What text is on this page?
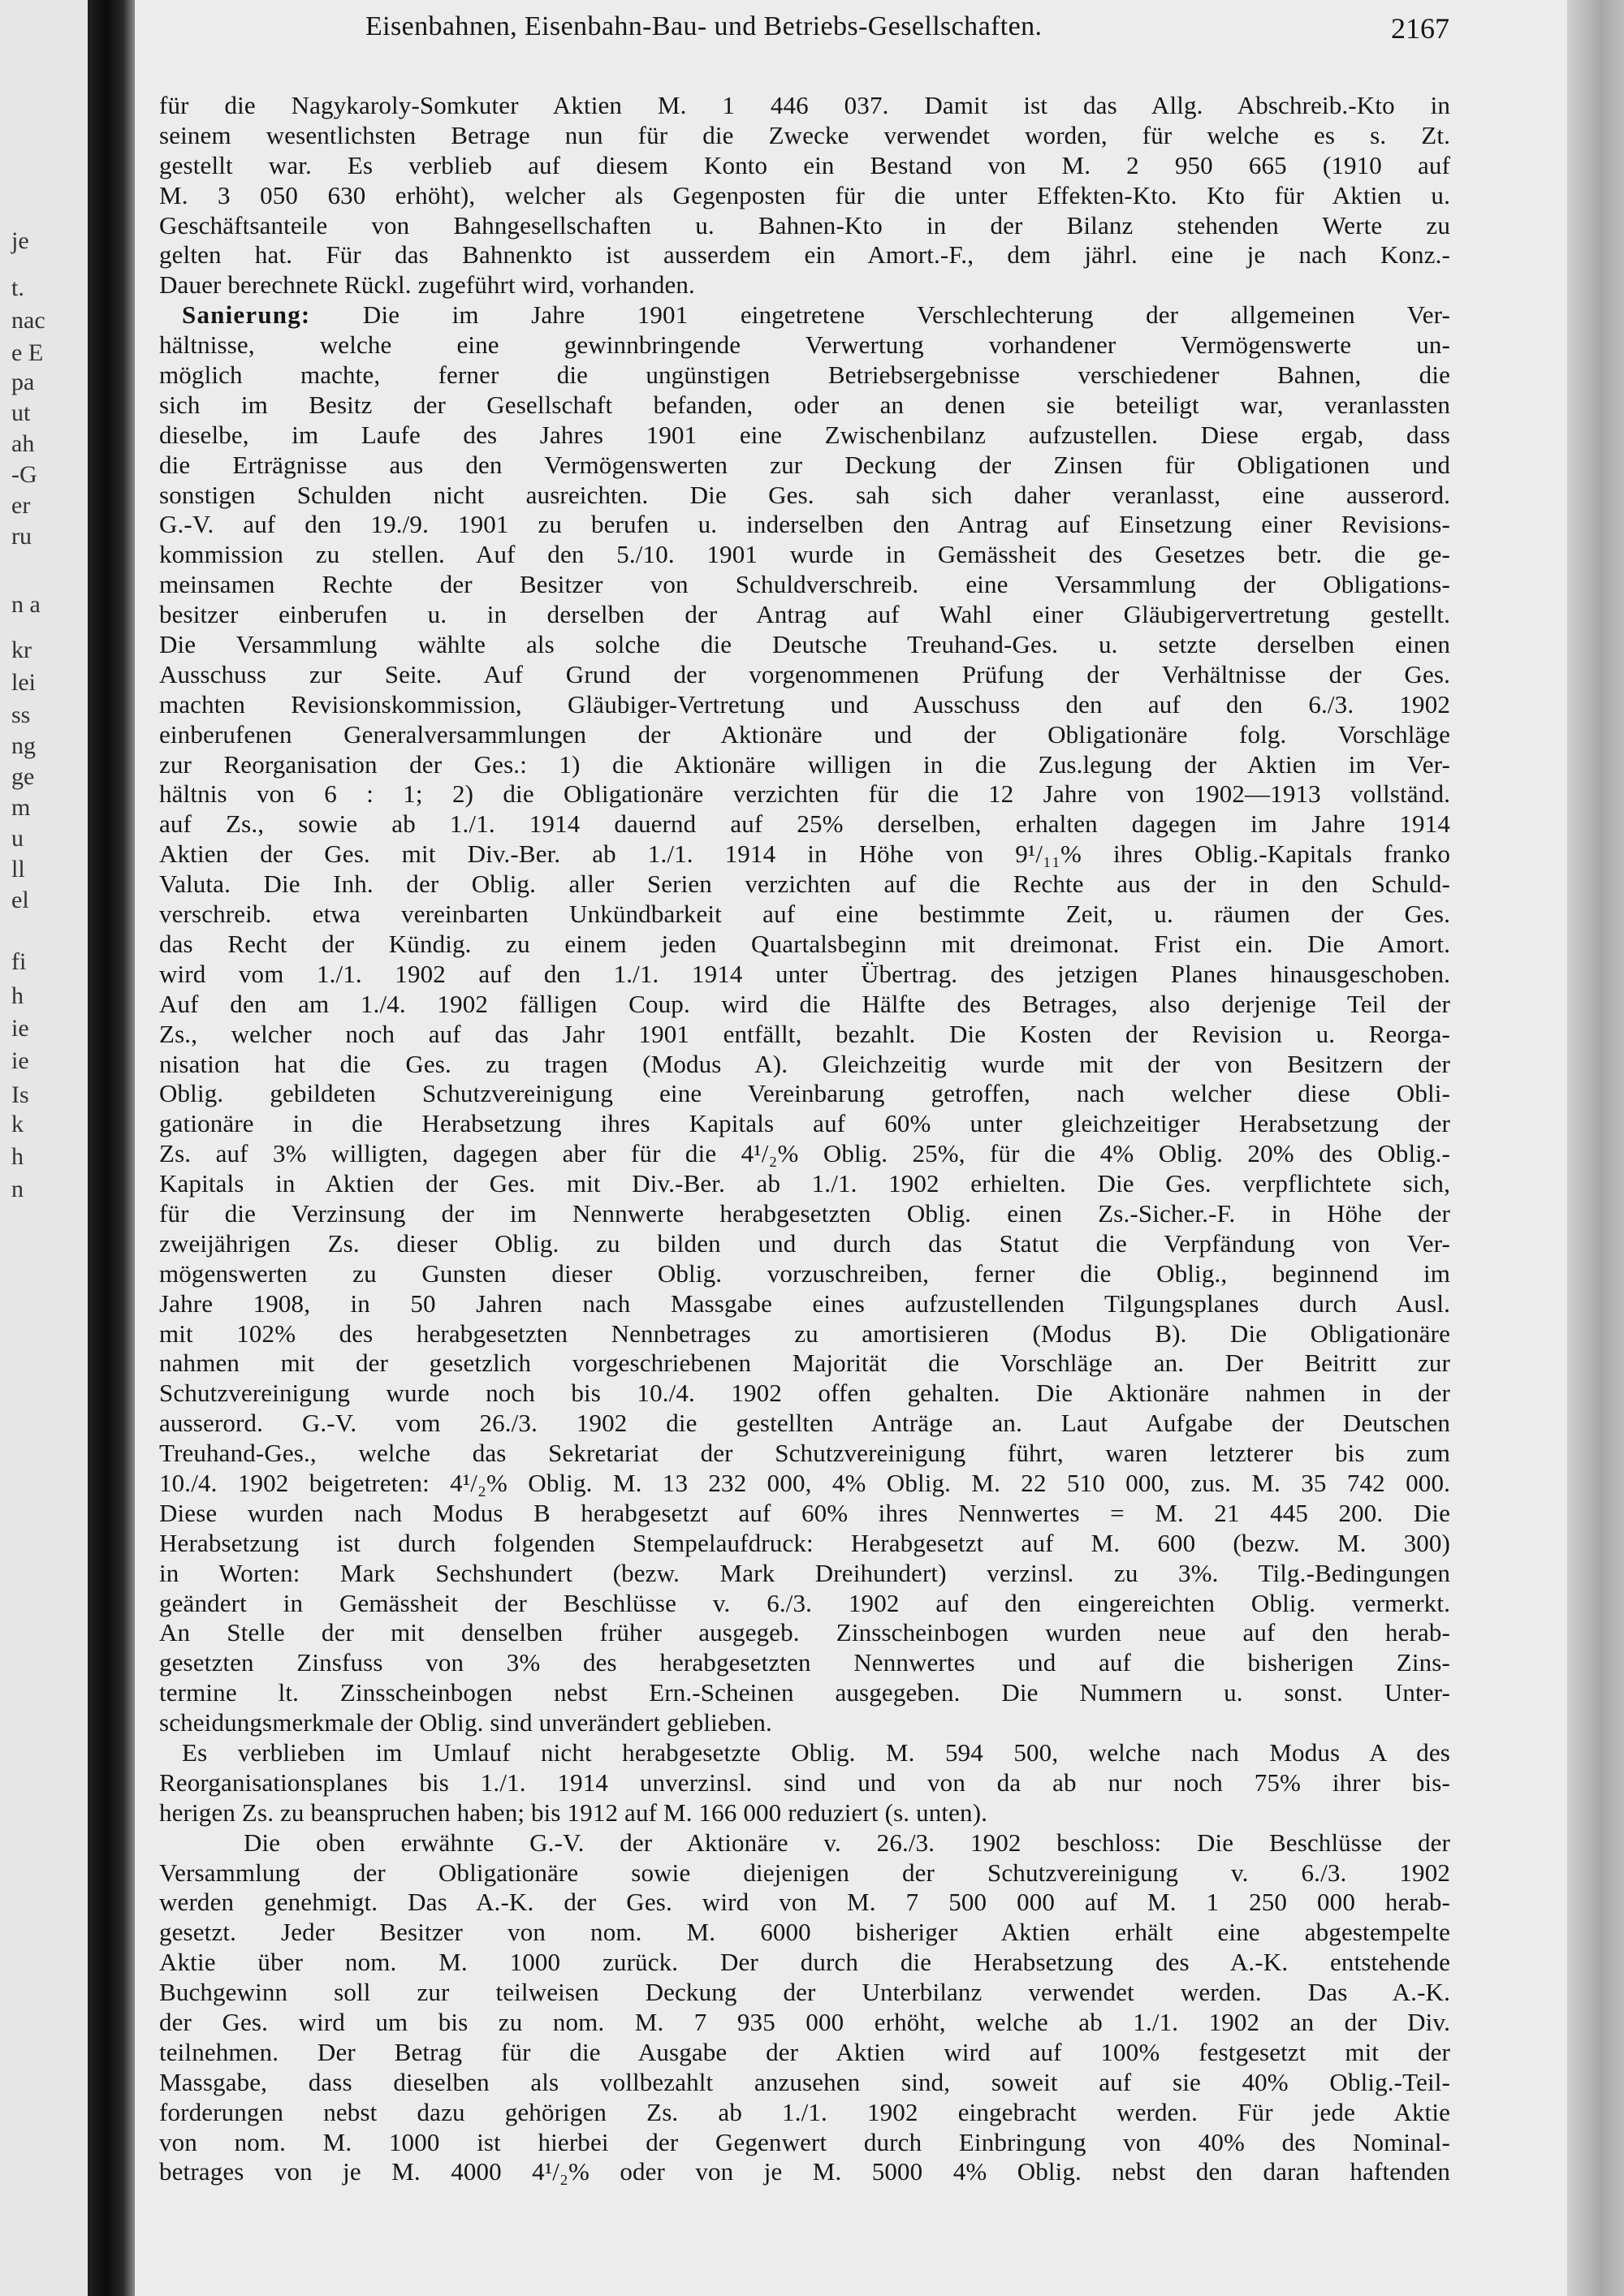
je
t.
nac
e E
pa
ut
ah
-G
er
ru
n a
kr
lei
ss
ng
ge
m
u
ll
el
fi
h
ie
ie
Is
k
h
n
Eisenbahnen, Eisenbahn-Bau- und Betriebs-Gesellschaften.	2167
für die Nagykaroly-Somkuter Aktien M. 1 446 037. Damit ist das Allg. Abschreib.-Kto in
seinem wesentlichsten Betrage nun für die Zwecke verwendet worden, für welche es s. Zt.
gestellt war. Es verblieb auf diesem Konto ein Bestand von M. 2 950 665 (1910 auf
M. 3 050 630 erhöht), welcher als Gegenposten für die unter Effekten-Kto. Kto für Aktien u.
Geschäftsanteile von Bahngesellschaften u. Bahnen-Kto in der Bilanz stehenden Werte zu
gelten hat. Für das Bahnenkto ist ausserdem ein Amort.-F., dem jährl. eine je nach Konz.-
Dauer berechnete Rückl. zugeführt wird, vorhanden.
Sanierung: Die im Jahre 1901 eingetretene Verschlechterung der allgemeinen Ver-
hältnisse, welche eine gewinnbringende Verwertung vorhandener Vermögenswerte un-
möglich machte, ferner die ungünstigen Betriebsergebnisse verschiedener Bahnen, die
sich im Besitz der Gesellschaft befanden, oder an denen sie beteiligt war, veranlassten
dieselbe, im Laufe des Jahres 1901 eine Zwischenbilanz aufzustellen. Diese ergab, dass
die Erträgnisse aus den Vermögenswerten zur Deckung der Zinsen für Obligationen und
sonstigen Schulden nicht ausreichten. Die Ges. sah sich daher veranlasst, eine ausserord.
G.-V. auf den 19./9. 1901 zu berufen u. inderselben den Antrag auf Einsetzung einer Revisions-
kommission zu stellen. Auf den 5./10. 1901 wurde in Gemässheit des Gesetzes betr. die ge-
meinsamen Rechte der Besitzer von Schuldverschreib. eine Versammlung der Obligations-
besitzer einberufen u. in derselben der Antrag auf Wahl einer Gläubigervertretung gestellt.
Die Versammlung wählte als solche die Deutsche Treuhand-Ges. u. setzte derselben einen
Ausschuss zur Seite. Auf Grund der vorgenommenen Prüfung der Verhältnisse der Ges.
machten Revisionskommission, Gläubiger-Vertretung und Ausschuss den auf den 6./3. 1902
einberufenen Generalversammlungen der Aktionäre und der Obligationäre folg. Vorschläge
zur Reorganisation der Ges.: 1) die Aktionäre willigen in die Zus.legung der Aktien im Ver-
hältnis von 6 : 1; 2) die Obligationäre verzichten für die 12 Jahre von 1902—1913 vollständ.
auf Zs., sowie ab 1./1. 1914 dauernd auf 25% derselben, erhalten dagegen im Jahre 1914
Aktien der Ges. mit Div.-Ber. ab 1./1. 1914 in Höhe von 9¹/₁₁% ihres Oblig.-Kapitals franko
Valuta. Die Inh. der Oblig. aller Serien verzichten auf die Rechte aus der in den Schuld-
verschreib. etwa vereinbarten Unkündbarkeit auf eine bestimmte Zeit, u. räumen der Ges.
das Recht der Kündig. zu einem jeden Quartalsbeginn mit dreimonat. Frist ein. Die Amort.
wird vom 1./1. 1902 auf den 1./1. 1914 unter Übertrag. des jetzigen Planes hinausgeschoben.
Auf den am 1./4. 1902 fälligen Coup. wird die Hälfte des Betrages, also derjenige Teil der
Zs., welcher noch auf das Jahr 1901 entfällt, bezahlt. Die Kosten der Revision u. Reorga-
nisation hat die Ges. zu tragen (Modus A). Gleichzeitig wurde mit der von Besitzern der
Oblig. gebildeten Schutzvereinigung eine Vereinbarung getroffen, nach welcher diese Obli-
gationäre in die Herabsetzung ihres Kapitals auf 60% unter gleichzeitiger Herabsetzung der
Zs. auf 3% willigten, dagegen aber für die 4¹/₂% Oblig. 25%, für die 4% Oblig. 20% des Oblig.-
Kapitals in Aktien der Ges. mit Div.-Ber. ab 1./1. 1902 erhielten. Die Ges. verpflichtete sich,
für die Verzinsung der im Nennwerte herabgesetzten Oblig. einen Zs.-Sicher.-F. in Höhe der
zweijährigen Zs. dieser Oblig. zu bilden und durch das Statut die Verpfändung von Ver-
mögenswerten zu Gunsten dieser Oblig. vorzuschreiben, ferner die Oblig., beginnend im
Jahre 1908, in 50 Jahren nach Massgabe eines aufzustellenden Tilgungsplanes durch Ausl.
mit 102% des herabgesetzten Nennbetrages zu amortisieren (Modus B). Die Obligationäre
nahmen mit der gesetzlich vorgeschriebenen Majorität die Vorschläge an. Der Beitritt zur
Schutzvereinigung wurde noch bis 10./4. 1902 offen gehalten. Die Aktionäre nahmen in der
ausserord. G.-V. vom 26./3. 1902 die gestellten Anträge an. Laut Aufgabe der Deutschen
Treuhand-Ges., welche das Sekretariat der Schutzvereinigung führt, waren letzterer bis zum
10./4. 1902 beigetreten: 4¹/₂% Oblig. M. 13 232 000, 4% Oblig. M. 22 510 000, zus. M. 35 742 000.
Diese wurden nach Modus B herabgesetzt auf 60% ihres Nennwertes = M. 21 445 200. Die
Herabsetzung ist durch folgenden Stempelaufdruck: Herabgesetzt auf M. 600 (bezw. M. 300)
in Worten: Mark Sechshundert (bezw. Mark Dreihundert) verzinsl. zu 3%. Tilg.-Bedingungen
geändert in Gemässheit der Beschlüsse v. 6./3. 1902 auf den eingereichten Oblig. vermerkt.
An Stelle der mit denselben früher ausgegeb. Zinsscheinbogen wurden neue auf den herab-
gesetzten Zinsfuss von 3% des herabgesetzten Nennwertes und auf die bisherigen Zins-
termine lt. Zinsscheinbogen nebst Ern.-Scheinen ausgegeben. Die Nummern u. sonst. Unter-
scheidungsmerkmale der Oblig. sind unverändert geblieben.
Es verblieben im Umlauf nicht herabgesetzte Oblig. M. 594 500, welche nach Modus A des
Reorganisationsplanes bis 1./1. 1914 unverzinsl. sind und von da ab nur noch 75% ihrer bis-
herigen Zs. zu beanspruchen haben; bis 1912 auf M. 166 000 reduziert (s. unten).
Die oben erwähnte G.-V. der Aktionäre v. 26./3. 1902 beschloss: Die Beschlüsse der
Versammlung der Obligationäre sowie diejenigen der Schutzvereinigung v. 6./3. 1902
werden genehmigt. Das A.-K. der Ges. wird von M. 7 500 000 auf M. 1 250 000 herab-
gesetzt. Jeder Besitzer von nom. M. 6000 bisheriger Aktien erhält eine abgestempelte
Aktie über nom. M. 1000 zurück. Der durch die Herabsetzung des A.-K. entstehende
Buchgewinn soll zur teilweisen Deckung der Unterbilanz verwendet werden. Das A.-K.
der Ges. wird um bis zu nom. M. 7 935 000 erhöht, welche ab 1./1. 1902 an der Div.
teilnehmen. Der Betrag für die Ausgabe der Aktien wird auf 100% festgesetzt mit der
Massgabe, dass dieselben als vollbezahlt anzusehen sind, soweit auf sie 40% Oblig.-Teil-
forderungen nebst dazu gehörigen Zs. ab 1./1. 1902 eingebracht werden. Für jede Aktie
von nom. M. 1000 ist hierbei der Gegenwert durch Einbringung von 40% des Nominal-
betrages von je M. 4000 4¹/₂% oder von je M. 5000 4% Oblig. nebst den daran haftenden
